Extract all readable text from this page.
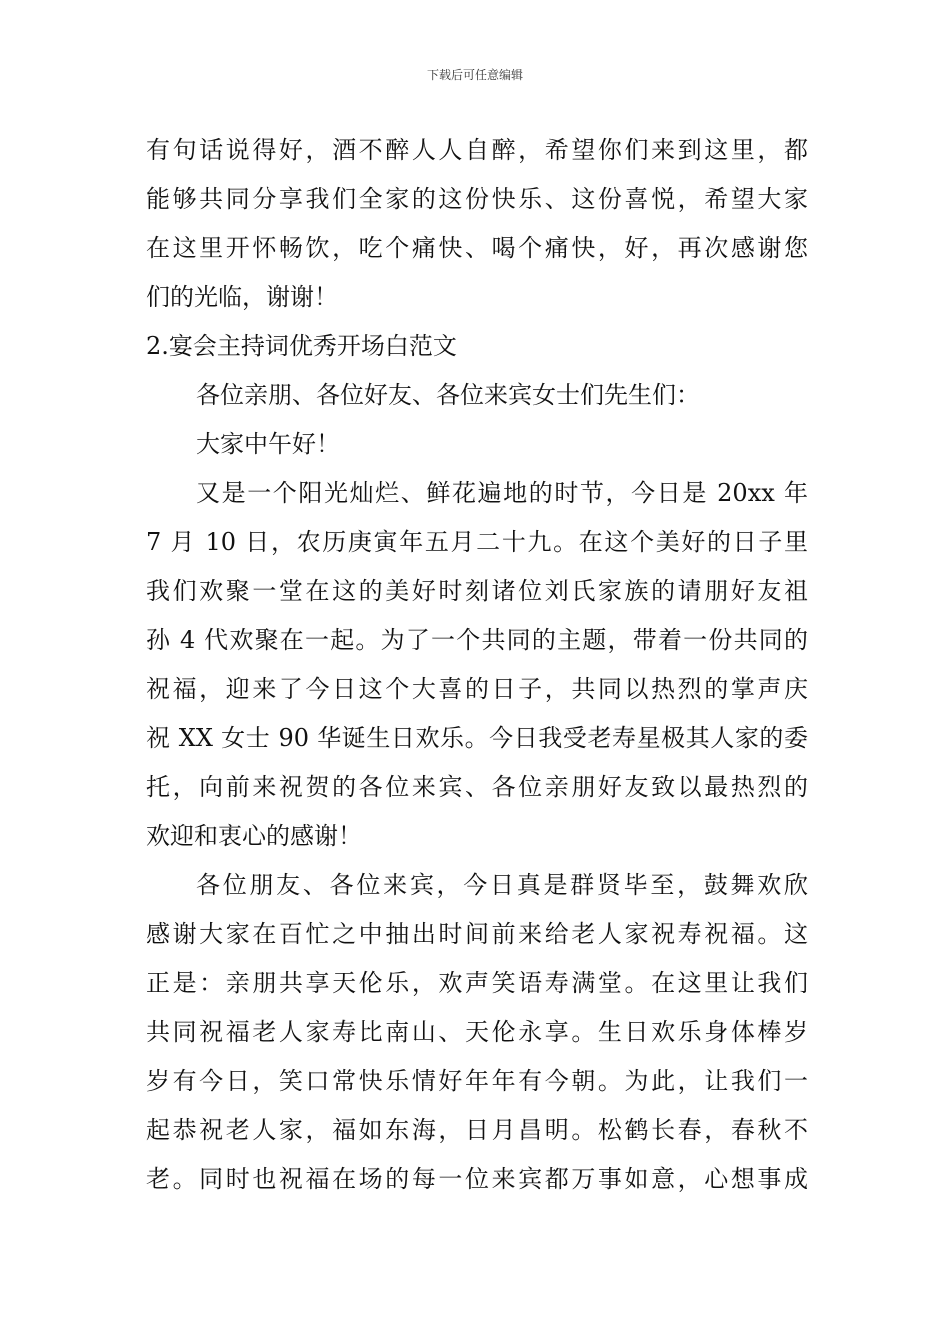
下载后可任意编辑
有句话说得好，酒不醉人人自醉，希望你们来到这里，都
能够共同分享我们全家的这份快乐、这份喜悦，希望大家
在这里开怀畅饮，吃个痛快、喝个痛快，好，再次感谢您
们的光临，谢谢！
2.宴会主持词优秀开场白范文
各位亲朋、各位好友、各位来宾女士们先生们：
大家中午好！
又是一个阳光灿烂、鲜花遍地的时节，今日是 20xx 年
7 月 10 日，农历庚寅年五月二十九。在这个美好的日子里
我们欢聚一堂在这的美好时刻诸位刘氏家族的请朋好友祖
孙 4 代欢聚在一起。为了一个共同的主题，带着一份共同的
祝福，迎来了今日这个大喜的日子，共同以热烈的掌声庆
祝 XX 女士 90 华诞生日欢乐。今日我受老寿星极其人家的委
托，向前来祝贺的各位来宾、各位亲朋好友致以最热烈的
欢迎和衷心的感谢！
各位朋友、各位来宾，今日真是群贤毕至，鼓舞欢欣
感谢大家在百忙之中抽出时间前来给老人家祝寿祝福。这
正是：亲朋共享天伦乐，欢声笑语寿满堂。在这里让我们
共同祝福老人家寿比南山、天伦永享。生日欢乐身体棒岁
岁有今日，笑口常快乐情好年年有今朝。为此，让我们一
起恭祝老人家，福如东海，日月昌明。松鹤长春，春秋不
老。同时也祝福在场的每一位来宾都万事如意，心想事成
